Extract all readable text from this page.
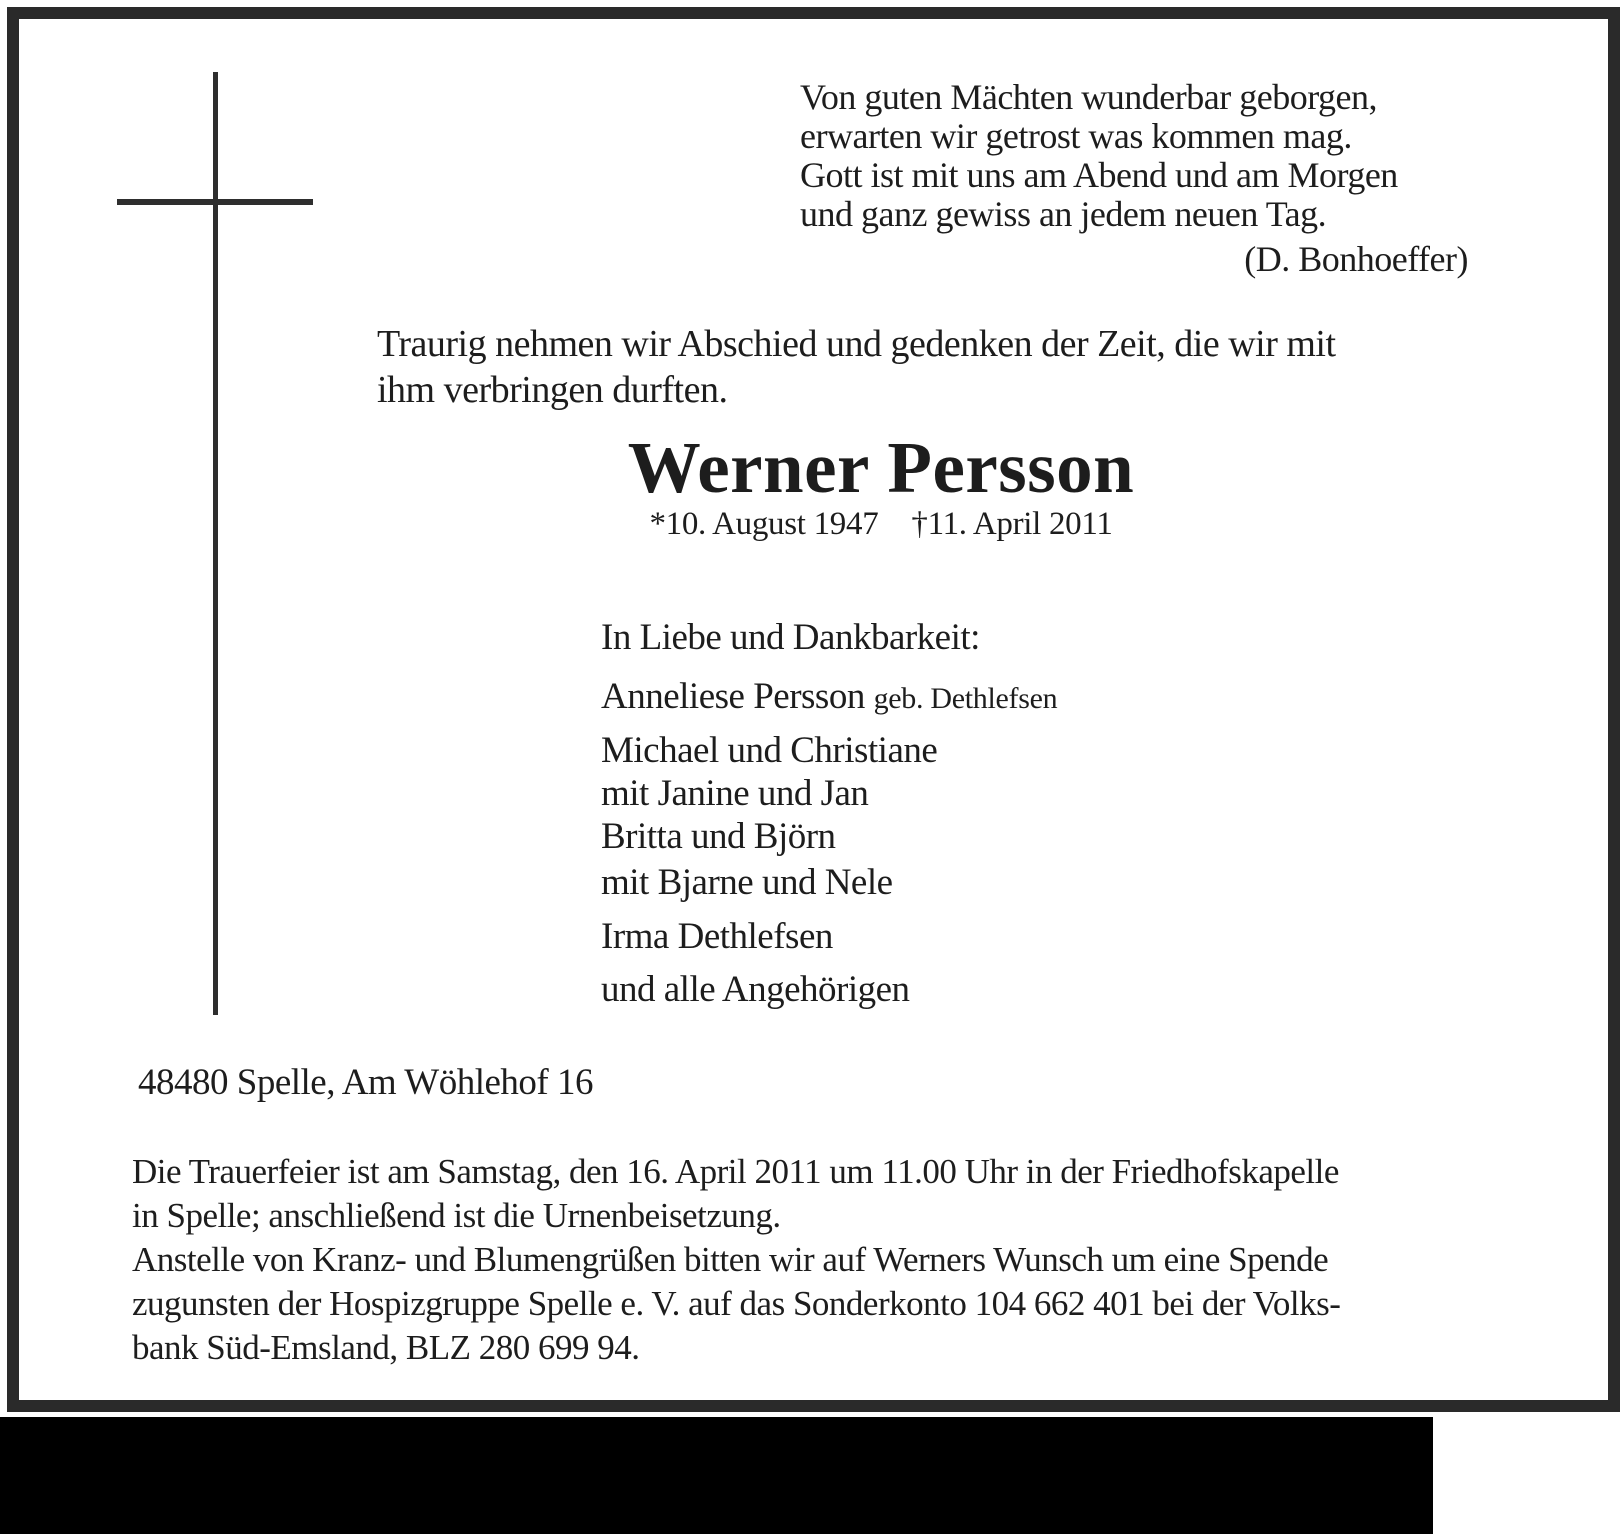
Von guten Mächten wunderbar geborgen,
erwarten wir getrost was kommen mag.
Gott ist mit uns am Abend und am Morgen
und ganz gewiss an jedem neuen Tag.
(D. Bonhoeffer)
Traurig nehmen wir Abschied und gedenken der Zeit, die wir mit
ihm verbringen durften.
Werner Persson
*10. August 1947 †11. April 2011
In Liebe und Dankbarkeit:
Anneliese Persson geb. Dethlefsen
Michael und Christiane
mit Janine und Jan
Britta und Björn
mit Bjarne und Nele
Irma Dethlefsen
und alle Angehörigen
48480 Spelle, Am Wöhlehof 16
Die Trauerfeier ist am Samstag, den 16. April 2011 um 11.00 Uhr in der Friedhofskapelle
in Spelle; anschließend ist die Urnenbeisetzung.
Anstelle von Kranz- und Blumengrüßen bitten wir auf Werners Wunsch um eine Spende
zugunsten der Hospizgruppe Spelle e. V. auf das Sonderkonto 104 662 401 bei der Volks-
bank Süd-Emsland, BLZ 280 699 94.
